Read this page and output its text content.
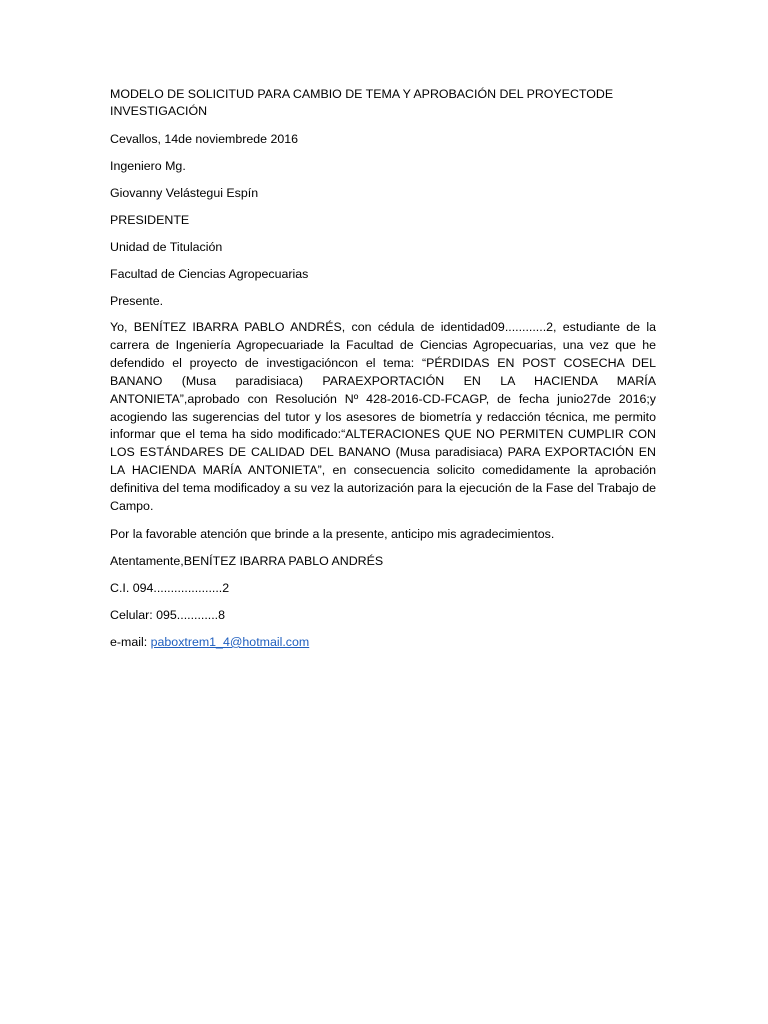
MODELO DE SOLICITUD PARA CAMBIO DE TEMA Y APROBACIÓN DEL PROYECTODE INVESTIGACIÓN

Cevallos, 14de noviembrede 2016

Ingeniero Mg.

Giovanny Velástegui Espín

PRESIDENTE

Unidad de Titulación

Facultad de Ciencias Agropecuarias

Presente.

Yo, BENÍTEZ IBARRA PABLO ANDRÉS, con cédula de identidad09............2, estudiante de la carrera de Ingeniería Agropecuariade la Facultad de Ciencias Agropecuarias, una vez que he defendido el proyecto de investigacióncon el tema: “PÉRDIDAS EN POST COSECHA DEL BANANO (Musa paradisiaca) PARAEXPORTACIÓN EN LA HACIENDA MARÍA ANTONIETA”,aprobado con Resolución Nº 428-2016-CD-FCAGP, de fecha junio27de 2016;y acogiendo las sugerencias del tutor y los asesores de biometría y redacción técnica, me permito informar que el tema ha sido modificado:“ALTERACIONES QUE NO PERMITEN CUMPLIR CON LOS ESTÁNDARES DE CALIDAD DEL BANANO (Musa paradisiaca) PARA EXPORTACIÓN EN LA HACIENDA MARÍA ANTONIETA”, en consecuencia solicito comedidamente la aprobación definitiva del tema modificadoy a su vez la autorización para la ejecución de la Fase del Trabajo de Campo.

Por la favorable atención que brinde a la presente, anticipo mis agradecimientos.

Atentamente,BENÍTEZ IBARRA PABLO ANDRÉS

C.I. 094....................2

Celular: 095............8

e-mail: paboxtrem1_4@hotmail.com
